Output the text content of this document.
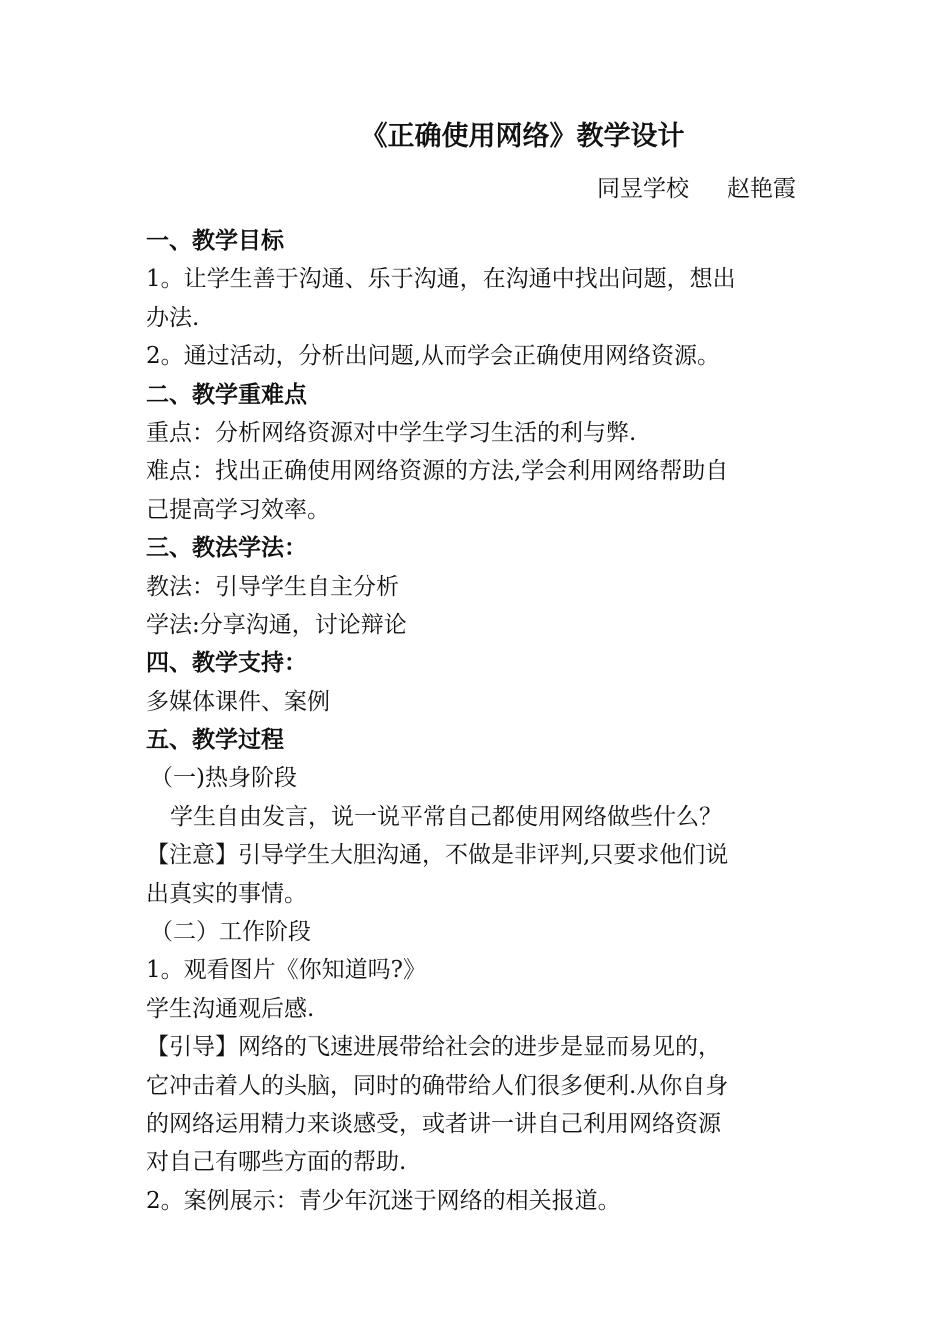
《正确使用网络》教学设计
同昱学校 赵艳霞
一、教学目标
1。让学生善于沟通、乐于沟通，在沟通中找出问题，想出
办法.
2。通过活动，分析出问题,从而学会正确使用网络资源。
二、教学重难点
重点：分析网络资源对中学生学习生活的利与弊.
难点：找出正确使用网络资源的方法,学会利用网络帮助自
己提高学习效率。
三、教法学法：
教法：引导学生自主分析
学法:分享沟通，讨论辩论
四、教学支持：
多媒体课件、案例
五、教学过程
（一)热身阶段
学生自由发言，说一说平常自己都使用网络做些什么？
【注意】引导学生大胆沟通，不做是非评判,只要求他们说
出真实的事情。
（二）工作阶段
1。观看图片《你知道吗?》
学生沟通观后感.
【引导】网络的飞速进展带给社会的进步是显而易见的，
它冲击着人的头脑，同时的确带给人们很多便利.从你自身
的网络运用精力来谈感受，或者讲一讲自己利用网络资源
对自己有哪些方面的帮助.
2。案例展示：青少年沉迷于网络的相关报道。
